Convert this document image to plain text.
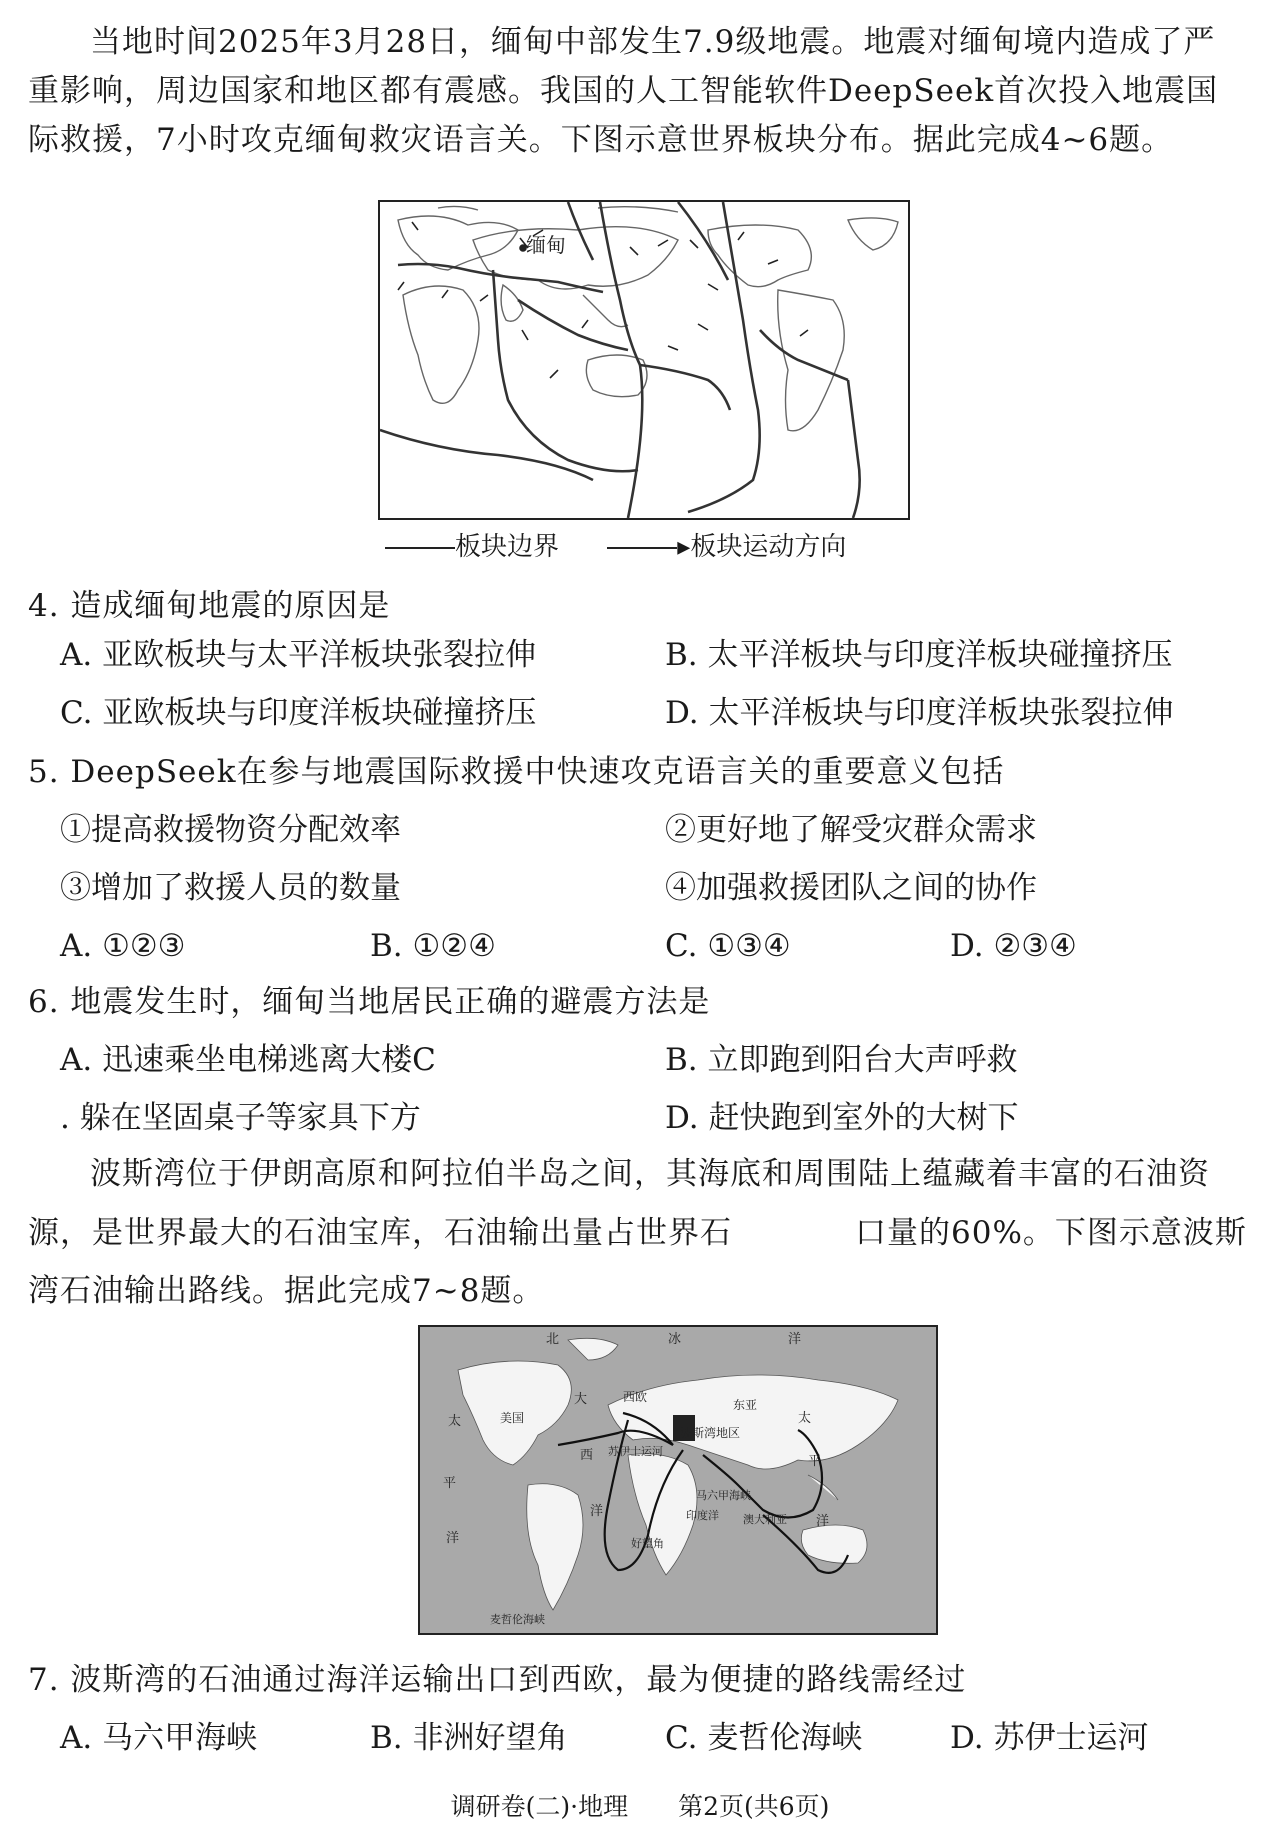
当地时间2025年3月28日，缅甸中部发生7.9级地震。地震对缅甸境内造成了严
重影响，周边国家和地区都有震感。我国的人工智能软件DeepSeek首次投入地震国
际救援，7小时攻克缅甸救灾语言关。下图示意世界板块分布。据此完成4~6题。
缅甸
板块边界	▸板块运动方向
4. 造成缅甸地震的原因是
A. 亚欧板块与太平洋板块张裂拉伸	B. 太平洋板块与印度洋板块碰撞挤压
C. 亚欧板块与印度洋板块碰撞挤压	D. 太平洋板块与印度洋板块张裂拉伸
5. DeepSeek在参与地震国际救援中快速攻克语言关的重要意义包括
①提高救援物资分配效率	②更好地了解受灾群众需求
③增加了救援人员的数量	④加强救援团队之间的协作
A. ①②③	B. ①②④	C. ①③④	D. ②③④
6. 地震发生时，缅甸当地居民正确的避震方法是
A. 迅速乘坐电梯逃离大楼C	B. 立即跑到阳台大声呼救
. 躲在坚固桌子等家具下方	D. 赶快跑到室外的大树下
波斯湾位于伊朗高原和阿拉伯半岛之间，其海底和周围陆上蕴藏着丰富的石油资
源，是世界最大的石油宝库，石油输出量占世界石	口量的60%。下图示意波斯
湾石油输出路线。据此完成7~8题。
北	冰	洋
太
平
洋
大
西
洋
太
平
洋
美国
西欧
东亚
波斯湾地区
苏伊士运河
马六甲海峡
印度洋 澳大利亚
好望角
麦哲伦海峡
7. 波斯湾的石油通过海洋运输出口到西欧，最为便捷的路线需经过
A. 马六甲海峡	B. 非洲好望角	C. 麦哲伦海峡	D. 苏伊士运河
调研卷(二)·地理　　第2页(共6页)
